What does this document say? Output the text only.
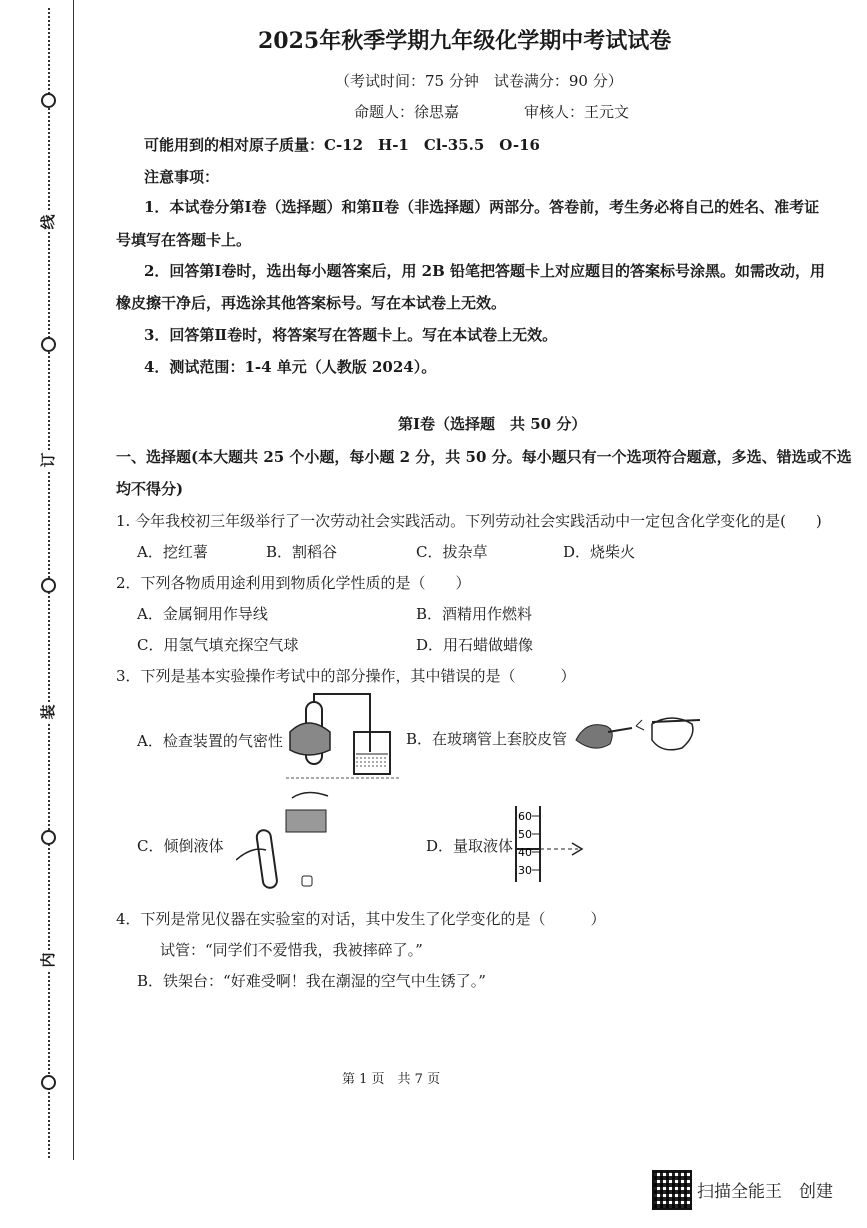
线
订
装
内
2025年秋季学期九年级化学期中考试试卷
（考试时间：75 分钟　试卷满分：90 分）
命题人：徐思嘉	审核人：王元文
可能用到的相对原子质量：C-12　H-1　Cl-35.5　O-16
注意事项：
1．本试卷分第Ⅰ卷（选择题）和第Ⅱ卷（非选择题）两部分。答卷前，考生务必将自己的姓名、准考证
号填写在答题卡上。
2．回答第Ⅰ卷时，选出每小题答案后，用 2B 铅笔把答题卡上对应题目的答案标号涂黑。如需改动，用
橡皮擦干净后，再选涂其他答案标号。写在本试卷上无效。
3．回答第Ⅱ卷时，将答案写在答题卡上。写在本试卷上无效。
4．测试范围：1-4 单元（人教版 2024）。
第Ⅰ卷（选择题　共 50 分）
一、选择题(本大题共 25 个小题，每小题 2 分，共 50 分。每小题只有一个选项符合题意，多选、错选或不选
均不得分)
1. 今年我校初三年级举行了一次劳动社会实践活动。下列劳动社会实践活动中一定包含化学变化的是(　　)
A．挖红薯	B．割稻谷	C．拔杂草	D．烧柴火
2．下列各物质用途利用到物质化学性质的是（　　）
A．金属铜用作导线	B．酒精用作燃料
C．用氢气填充探空气球	D．用石蜡做蜡像
3．下列是基本实验操作考试中的部分操作，其中错误的是（　　　）
A．检查装置的气密性	B．在玻璃管上套胶皮管
C．倾倒液体	D．量取液体
60
50
40
30
4．下列是常见仪器在实验室的对话，其中发生了化学变化的是（　　　）
试管：“同学们不爱惜我，我被摔碎了。”
B．铁架台：“好难受啊！我在潮湿的空气中生锈了。”
第 1 页　共 7 页
扫描全能王　创建
